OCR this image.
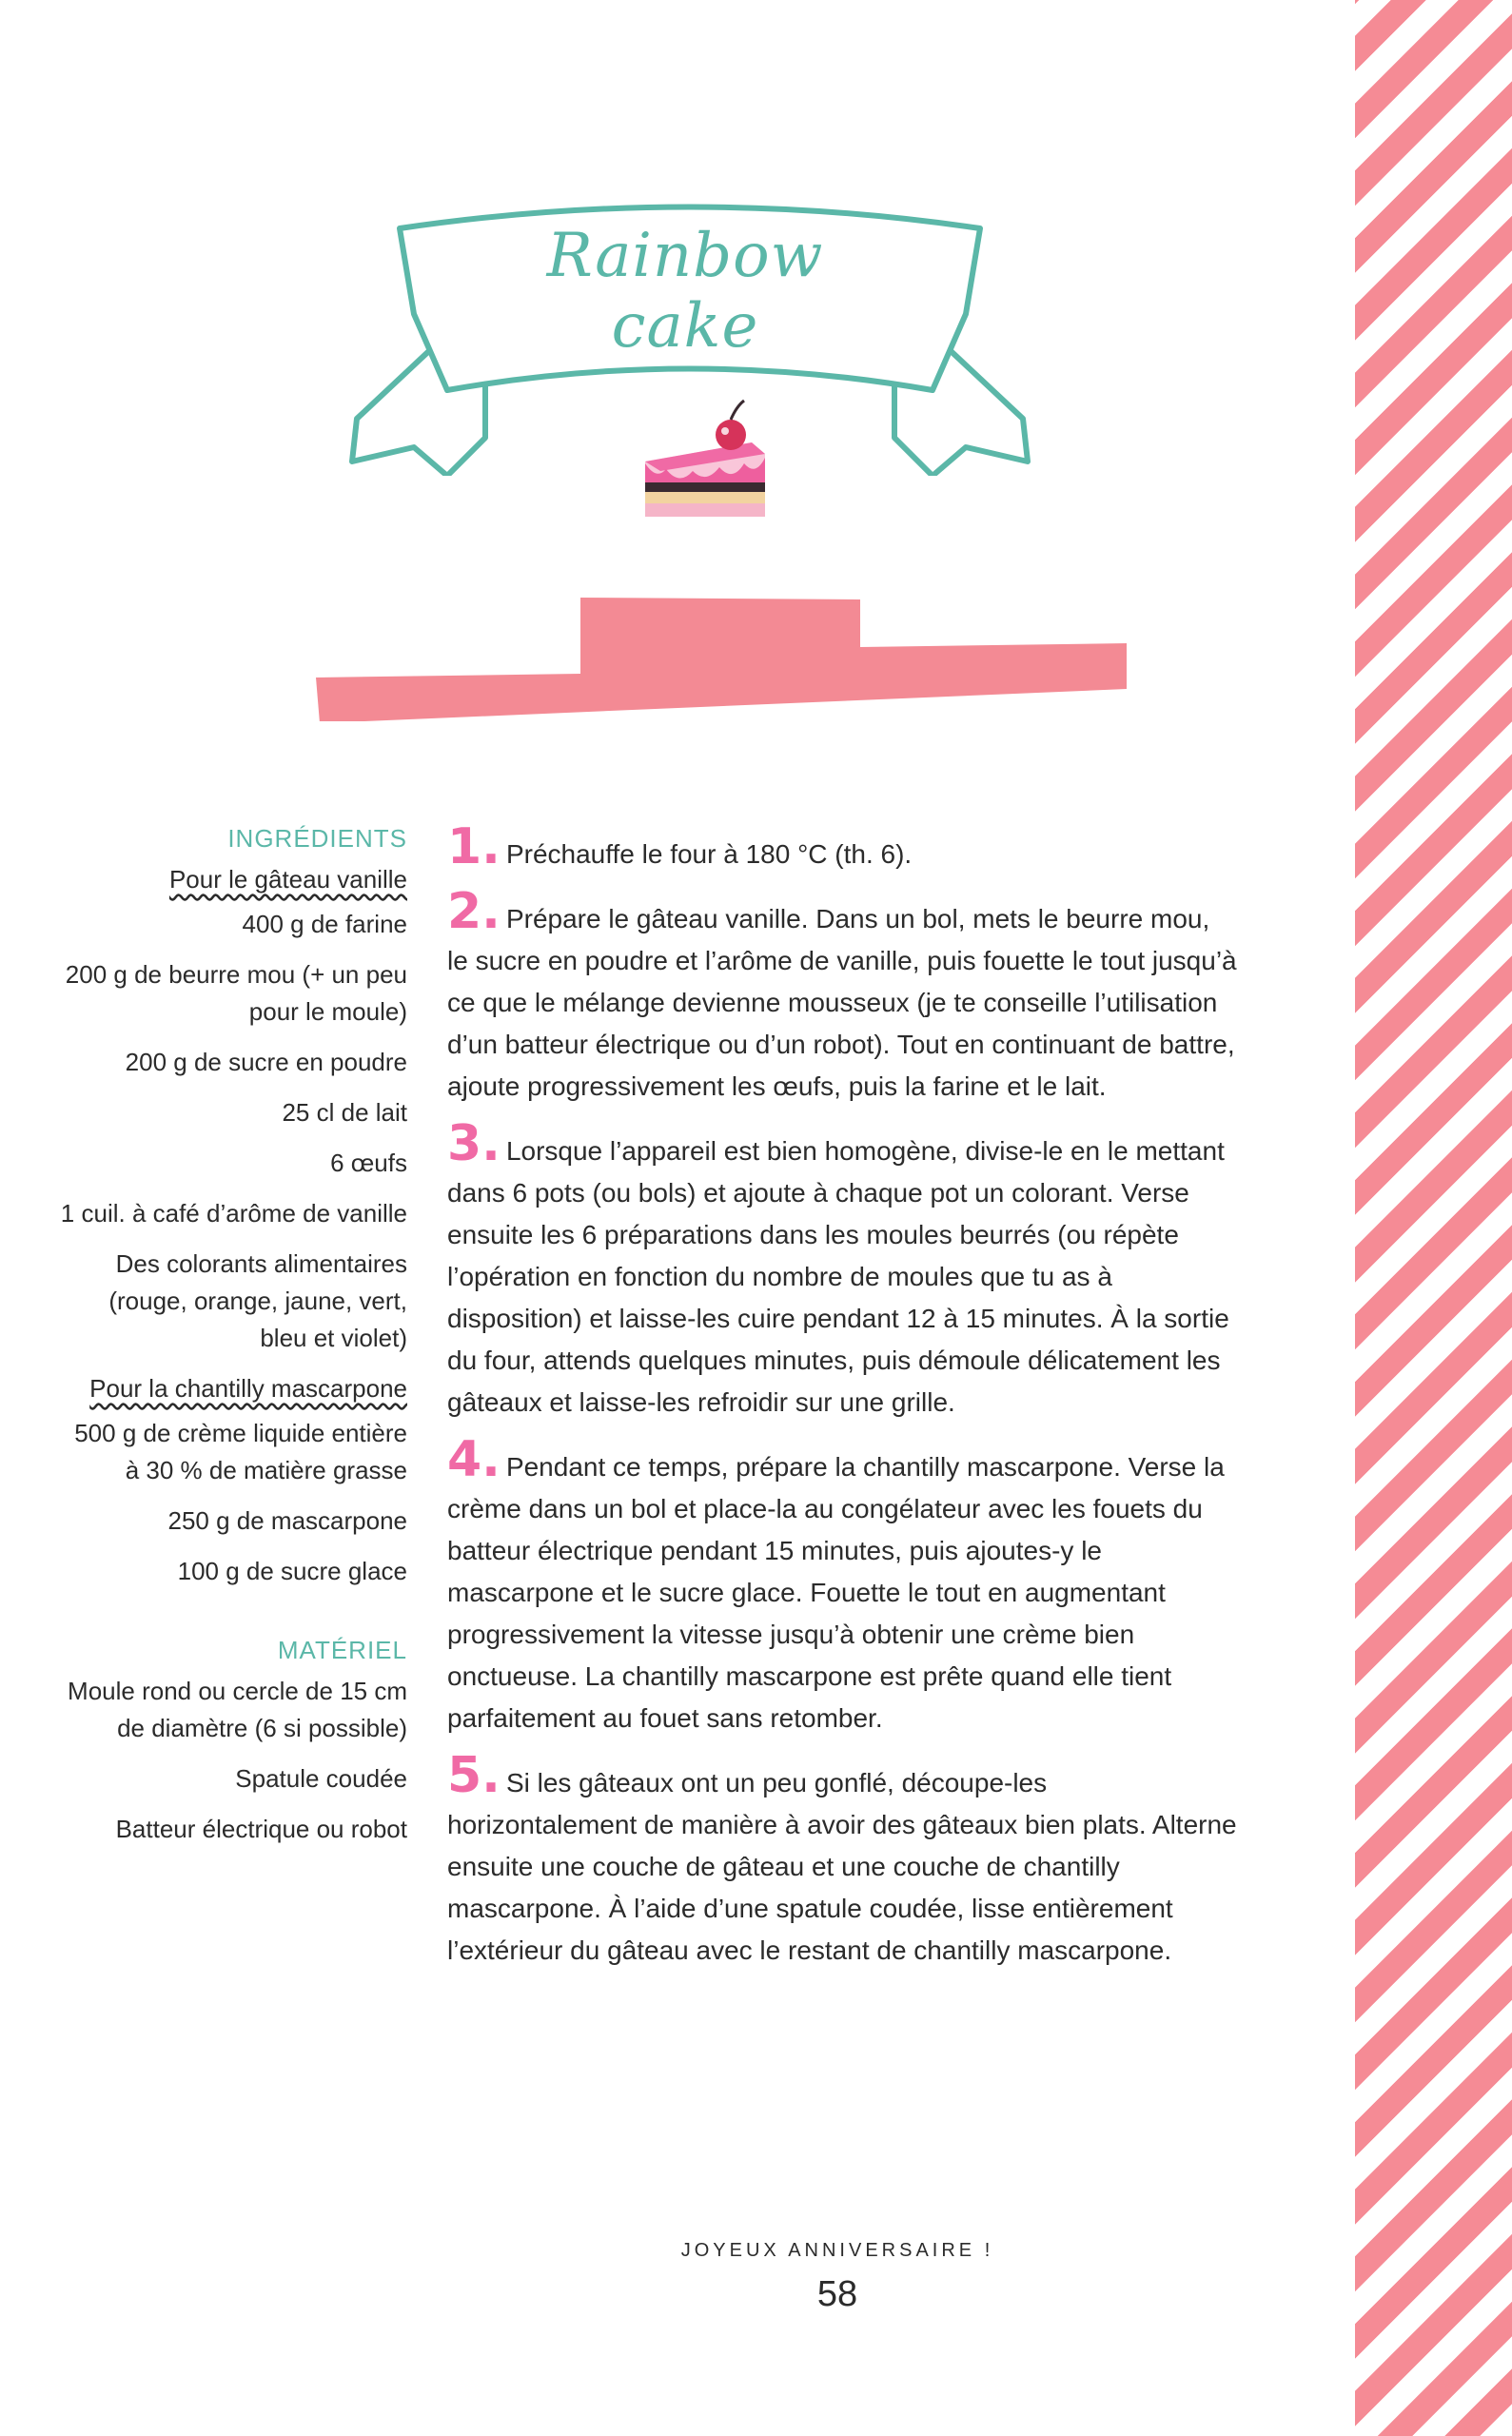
Rainbow cake
INGRÉDIENTS
Pour le gâteau vanille
400 g de farine
200 g de beurre mou (+ un peu pour le moule)
200 g de sucre en poudre
25 cl de lait
6 œufs
1 cuil. à café d’arôme de vanille
Des colorants alimentaires (rouge, orange, jaune, vert, bleu et violet)
Pour la chantilly mascarpone
500 g de crème liquide entière à 30 % de matière grasse
250 g de mascarpone
100 g de sucre glace
MATÉRIEL
Moule rond ou cercle de 15 cm de diamètre (6 si possible)
Spatule coudée
Batteur électrique ou robot
1. Préchauffe le four à 180 °C (th. 6).
2. Prépare le gâteau vanille. Dans un bol, mets le beurre mou, le sucre en poudre et l’arôme de vanille, puis fouette le tout jusqu’à ce que le mélange devienne mousseux (je te conseille l’utilisation d’un batteur électrique ou d’un robot). Tout en continuant de battre, ajoute progressivement les œufs, puis la farine et le lait.
3. Lorsque l’appareil est bien homogène, divise-le en le mettant dans 6 pots (ou bols) et ajoute à chaque pot un colorant. Verse ensuite les 6 préparations dans les moules beurrés (ou répète l’opération en fonction du nombre de moules que tu as à disposition) et laisse-les cuire pendant 12 à 15 minutes. À la sortie du four, attends quelques minutes, puis démoule délicatement les gâteaux et laisse-les refroidir sur une grille.
4. Pendant ce temps, prépare la chantilly mascarpone. Verse la crème dans un bol et place-la au congélateur avec les fouets du batteur électrique pendant 15 minutes, puis ajoutes-y le mascarpone et le sucre glace. Fouette le tout en augmentant progressivement la vitesse jusqu’à obtenir une crème bien onctueuse. La chantilly mascarpone est prête quand elle tient parfaitement au fouet sans retomber.
5. Si les gâteaux ont un peu gonflé, découpe-les horizontalement de manière à avoir des gâteaux bien plats. Alterne ensuite une couche de gâteau et une couche de chantilly mascarpone. À l’aide d’une spatule coudée, lisse entièrement l’extérieur du gâteau avec le restant de chantilly mascarpone.
JOYEUX ANNIVERSAIRE !
58
